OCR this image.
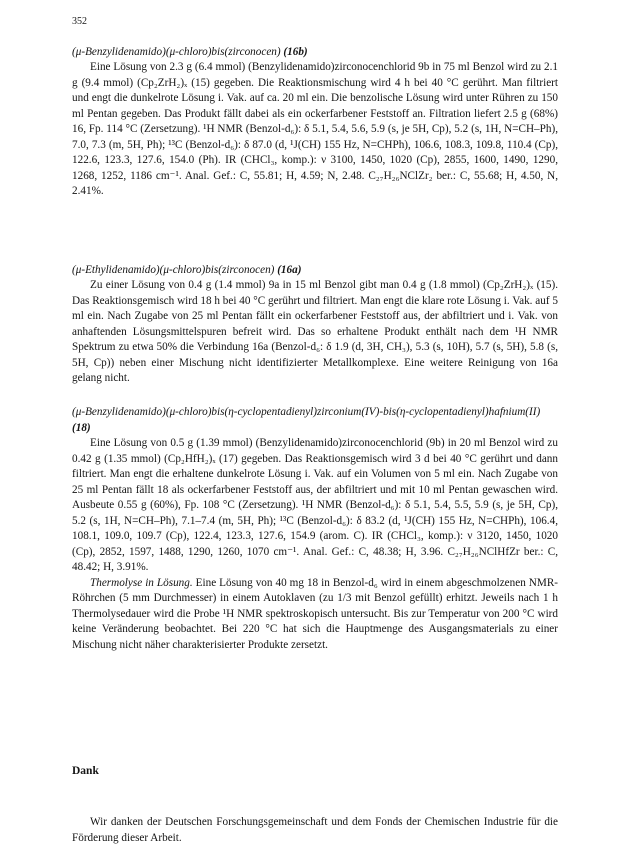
352

(μ-Benzylidenamido)(μ-chloro)bis(zirconocen) (16b)

Eine Lösung von 2.3 g (6.4 mmol) (Benzylidenamido)zirconocenchlorid 9b in 75 ml Benzol wird zu 2.1 g (9.4 mmol) (Cp₂ZrH₂)ₓ (15) gegeben. Die Reaktionsmischung wird 4 h bei 40 °C gerührt. Man filtriert und engt die dunkelrote Lösung i. Vak. auf ca. 20 ml ein. Die benzolische Lösung wird unter Rühren zu 150 ml Pentan gegeben. Das Produkt fällt dabei als ein ockerfarbener Feststoff an. Filtration liefert 2.5 g (68%) 16, Fp. 114 °C (Zersetzung). ¹H NMR (Benzol-d₆): δ 5.1, 5.4, 5.6, 5.9 (s, je 5H, Cp), 5.2 (s, 1H, N=CH–Ph), 7.0, 7.3 (m, 5H, Ph); ¹³C (Benzol-d₆): δ 87.0 (d, ¹J(CH) 155 Hz, N=CHPh), 106.6, 108.3, 109.8, 110.4 (Cp), 122.6, 123.3, 127.6, 154.0 (Ph). IR (CHCl₃, komp.): ν 3100, 1450, 1020 (Cp), 2855, 1600, 1490, 1290, 1268, 1252, 1186 cm⁻¹. Anal. Gef.: C, 55.81; H, 4.59; N, 2.48. C₂₇H₂₆NClZr₂ ber.: C, 55.68; H, 4.50, N, 2.41%.

(μ-Ethylidenamido)(μ-chloro)bis(zirconocen) (16a)

Zu einer Lösung von 0.4 g (1.4 mmol) 9a in 15 ml Benzol gibt man 0.4 g (1.8 mmol) (Cp₂ZrH₂)ₓ (15). Das Reaktionsgemisch wird 18 h bei 40 °C gerührt und filtriert. Man engt die klare rote Lösung i. Vak. auf 5 ml ein. Nach Zugabe von 25 ml Pentan fällt ein ockerfarbener Feststoff aus, der abfiltriert und i. Vak. von anhaftenden Lösungsmittelspuren befreit wird. Das so erhaltene Produkt enthält nach dem ¹H NMR Spektrum zu etwa 50% die Verbindung 16a (Benzol-d₆: δ 1.9 (d, 3H, CH₃), 5.3 (s, 10H), 5.7 (s, 5H), 5.8 (s, 5H, Cp)) neben einer Mischung nicht identifizierter Metallkomplexe. Eine weitere Reinigung von 16a gelang nicht.

(μ-Benzylidenamido)(μ-chloro)bis(η-cyclopentadienyl)zirconium(IV)-bis(η-cyclopentadienyl)hafnium(II) (18)

Eine Lösung von 0.5 g (1.39 mmol) (Benzylidenamido)zirconocenchlorid (9b) in 20 ml Benzol wird zu 0.42 g (1.35 mmol) (Cp₂HfH₂)ₓ (17) gegeben. Das Reaktionsgemisch wird 3 d bei 40 °C gerührt und dann filtriert. Man engt die erhaltene dunkelrote Lösung i. Vak. auf ein Volumen von 5 ml ein. Nach Zugabe von 25 ml Pentan fällt 18 als ockerfarbener Feststoff aus, der abfiltriert und mit 10 ml Pentan gewaschen wird. Ausbeute 0.55 g (60%), Fp. 108 °C (Zersetzung). ¹H NMR (Benzol-d₆): δ 5.1, 5.4, 5.5, 5.9 (s, je 5H, Cp), 5.2 (s, 1H, N=CH–Ph), 7.1–7.4 (m, 5H, Ph); ¹³C (Benzol-d₆): δ 83.2 (d, ¹J(CH) 155 Hz, N=CHPh), 106.4, 108.1, 109.0, 109.7 (Cp), 122.4, 123.3, 127.6, 154.9 (arom. C). IR (CHCl₃, komp.): ν 3120, 1450, 1020 (Cp), 2852, 1597, 1488, 1290, 1260, 1070 cm⁻¹. Anal. Gef.: C, 48.38; H, 3.96. C₂₇H₂₆NClHfZr ber.: C, 48.42; H, 3.91%.

Thermolyse in Lösung. Eine Lösung von 40 mg 18 in Benzol-d₆ wird in einem abgeschmolzenen NMR-Röhrchen (5 mm Durchmesser) in einem Autoklaven (zu 1/3 mit Benzol gefüllt) erhitzt. Jeweils nach 1 h Thermolysedauer wird die Probe ¹H NMR spektroskopisch untersucht. Bis zur Temperatur von 200 °C wird keine Veränderung beobachtet. Bei 220 °C hat sich die Hauptmenge des Ausgangsmaterials zu einer Mischung nicht näher charakterisierter Produkte zersetzt.

Dank

Wir danken der Deutschen Forschungsgemeinschaft und dem Fonds der Chemischen Industrie für die Förderung dieser Arbeit.
